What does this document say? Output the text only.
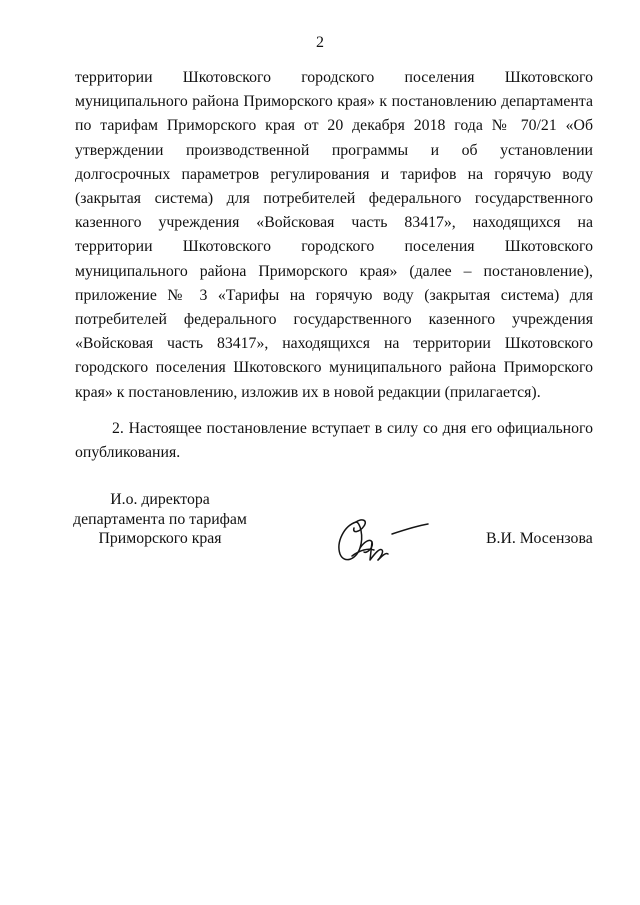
2

территории Шкотовского городского поселения Шкотовского муниципального района Приморского края» к постановлению департамента по тарифам Приморского края от 20 декабря 2018 года № 70/21 «Об утверждении производственной программы и об установлении долгосрочных параметров регулирования и тарифов на горячую воду (закрытая система) для потребителей федерального государственного казенного учреждения «Войсковая часть 83417», находящихся на территории Шкотовского городского поселения Шкотовского муниципального района Приморского края» (далее – постановление), приложение № 3 «Тарифы на горячую воду (закрытая система) для потребителей федерального государственного казенного учреждения «Войсковая часть 83417», находящихся на территории Шкотовского городского поселения Шкотовского муниципального района Приморского края» к постановлению, изложив их в новой редакции (прилагается).

2. Настоящее постановление вступает в силу со дня его официального опубликования.

И.о. директора
департамента по тарифам
Приморского края	В.И. Мосензова
